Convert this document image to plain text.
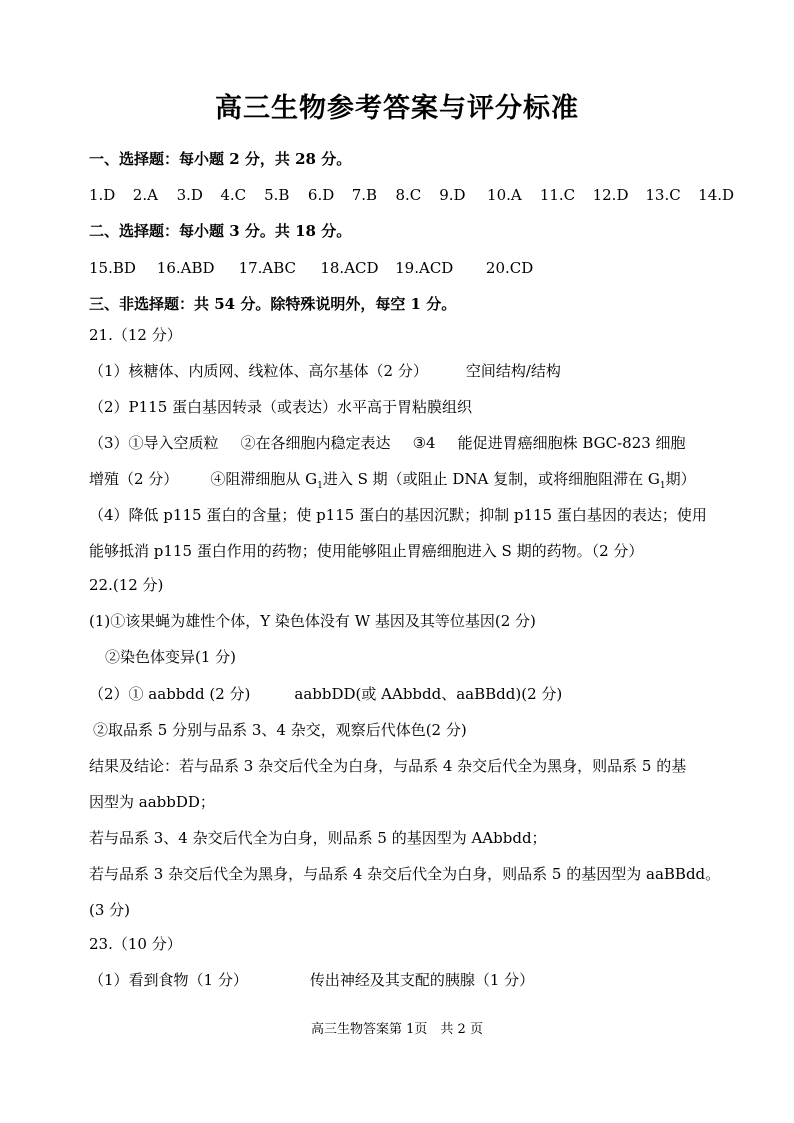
高三生物参考答案与评分标准
一、选择题：每小题 2 分，共 28 分。
1.D 2.A 3.D 4.C 5.B 6.D 7.B 8.C 9.D 10.A 11.C 12.D 13.C 14.D
二、选择题：每小题 3 分。共 18 分。
15.BD 16.ABD 17.ABC 18.ACD 19.ACD 20.CD
三、非选择题：共 54 分。除特殊说明外，每空 1 分。
21.（12 分）
（1）核糖体、内质网、线粒体、高尔基体（2 分）	空间结构/结构
（2）P115 蛋白基因转录（或表达）水平高于胃粘膜组织
（3）①导入空质粒 ②在各细胞内稳定表达 ③4 能促进胃癌细胞株 BGC-823 细胞
增殖（2 分） ④阻滞细胞从 $G_1$进入 S 期（或阻止 DNA 复制，或将细胞阻滞在 $G_1$期）
（4）降低 p115 蛋白的含量；使 p115 蛋白的基因沉默；抑制 p115 蛋白基因的表达；使用
能够抵消 p115 蛋白作用的药物；使用能够阻止胃癌细胞进入 S 期的药物。（2 分）
22.(12 分)
(1)①该果蝇为雄性个体，Y 染色体没有 W 基因及其等位基因(2 分)
②染色体变异(1 分)
（2）① aabbdd (2 分)	aabbDD(或 AAbbdd、aaBBdd)(2 分)
②取品系 5 分别与品系 3、4 杂交，观察后代体色(2 分)
结果及结论：若与品系 3 杂交后代全为白身，与品系 4 杂交后代全为黑身，则品系 5 的基
因型为 aabbDD；
若与品系 3、4 杂交后代全为白身，则品系 5 的基因型为 AAbbdd；
若与品系 3 杂交后代全为黑身，与品系 4 杂交后代全为白身，则品系 5 的基因型为 aaBBdd。
(3 分)
23.（10 分）
（1）看到食物（1 分）	传出神经及其支配的胰腺（1 分）
高三生物答案第 1页　共 2 页
